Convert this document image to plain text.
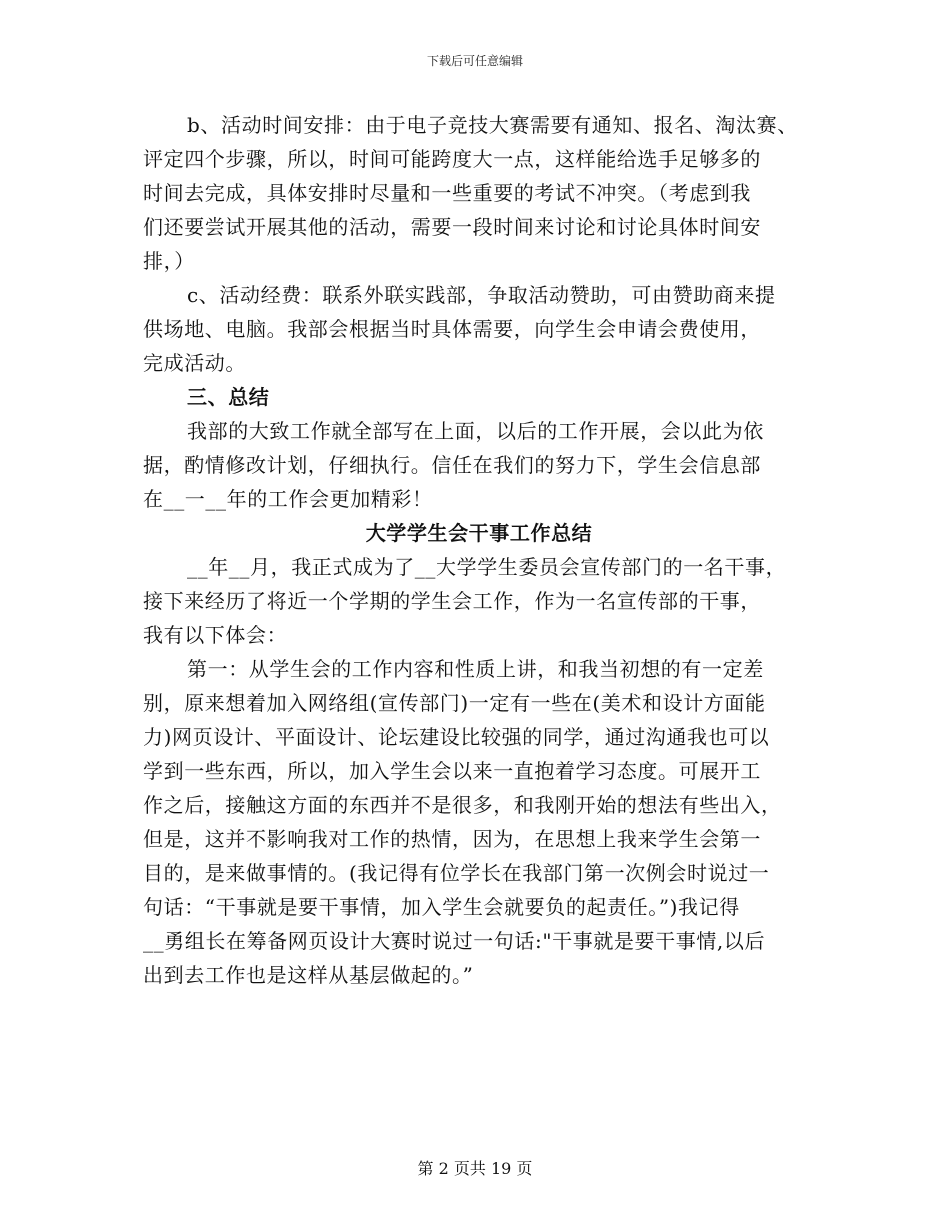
下载后可任意编辑
b、活动时间安排：由于电子竞技大赛需要有通知、报名、淘汰赛、
评定四个步骤，所以，时间可能跨度大一点，这样能给选手足够多的
时间去完成，具体安排时尽量和一些重要的考试不冲突。（考虑到我
们还要尝试开展其他的活动，需要一段时间来讨论和讨论具体时间安
排，）
c、活动经费：联系外联实践部，争取活动赞助，可由赞助商来提
供场地、电脑。我部会根据当时具体需要，向学生会申请会费使用，
完成活动。
三、总结
我部的大致工作就全部写在上面，以后的工作开展，会以此为依
据，酌情修改计划，仔细执行。信任在我们的努力下，学生会信息部
在__一__年的工作会更加精彩！
大学学生会干事工作总结
__年__月，我正式成为了__大学学生委员会宣传部门的一名干事，
接下来经历了将近一个学期的学生会工作，作为一名宣传部的干事，
我有以下体会：
第一：从学生会的工作内容和性质上讲，和我当初想的有一定差
别，原来想着加入网络组(宣传部门)一定有一些在(美术和设计方面能
力)网页设计、平面设计、论坛建设比较强的同学，通过沟通我也可以
学到一些东西，所以，加入学生会以来一直抱着学习态度。可展开工
作之后，接触这方面的东西并不是很多，和我刚开始的想法有些出入，
但是，这并不影响我对工作的热情，因为，在思想上我来学生会第一
目的，是来做事情的。(我记得有位学长在我部门第一次例会时说过一
句话：“干事就是要干事情，加入学生会就要负的起责任。”)我记得
__勇组长在筹备网页设计大赛时说过一句话:"干事就是要干事情,以后
出到去工作也是这样从基层做起的。”
第 2 页共 19 页
